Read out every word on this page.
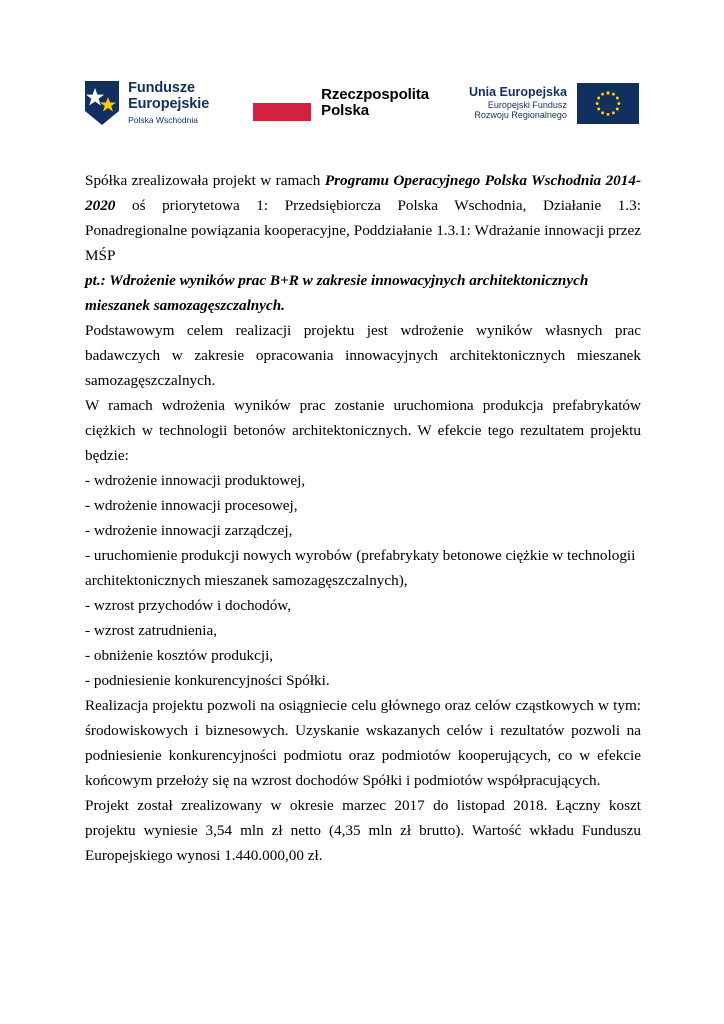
Fundusze
Europejskie
Polska Wschodnia
Rzeczpospolita
Polska
Unia Europejska
Europejski Fundusz
Rozwoju Regionalnego

Spółka zrealizowała projekt w ramach Programu Operacyjnego Polska Wschodnia 2014-2020 oś priorytetowa 1: Przedsiębiorcza Polska Wschodnia, Działanie 1.3: Ponadregionalne powiązania kooperacyjne, Poddziałanie 1.3.1: Wdrażanie innowacji przez MŚP

pt.: Wdrożenie wyników prac B+R w zakresie innowacyjnych architektonicznych mieszanek samozagęszczalnych.

Podstawowym celem realizacji projektu jest wdrożenie wyników własnych prac badawczych w zakresie opracowania innowacyjnych architektonicznych mieszanek samozagęszczalnych.

W ramach wdrożenia wyników prac zostanie uruchomiona produkcja prefabrykatów ciężkich w technologii betonów architektonicznych. W efekcie tego rezultatem projektu będzie:

- wdrożenie innowacji produktowej,

- wdrożenie innowacji procesowej,

- wdrożenie innowacji zarządczej,

- uruchomienie produkcji nowych wyrobów (prefabrykaty betonowe ciężkie w technologii architektonicznych mieszanek samozagęszczalnych),

- wzrost przychodów i dochodów,

- wzrost zatrudnienia,

- obniżenie kosztów produkcji,

- podniesienie konkurencyjności Spółki.

Realizacja projektu pozwoli na osiągniecie celu głównego oraz celów cząstkowych w tym: środowiskowych i biznesowych. Uzyskanie wskazanych celów i rezultatów pozwoli na podniesienie konkurencyjności podmiotu oraz podmiotów kooperujących, co w efekcie końcowym przełoży się na wzrost dochodów Spółki i podmiotów współpracujących.

Projekt został zrealizowany w okresie marzec 2017 do listopad 2018. Łączny koszt projektu wyniesie 3,54 mln zł netto (4,35 mln zł brutto). Wartość wkładu Funduszu Europejskiego wynosi 1.440.000,00 zł.
